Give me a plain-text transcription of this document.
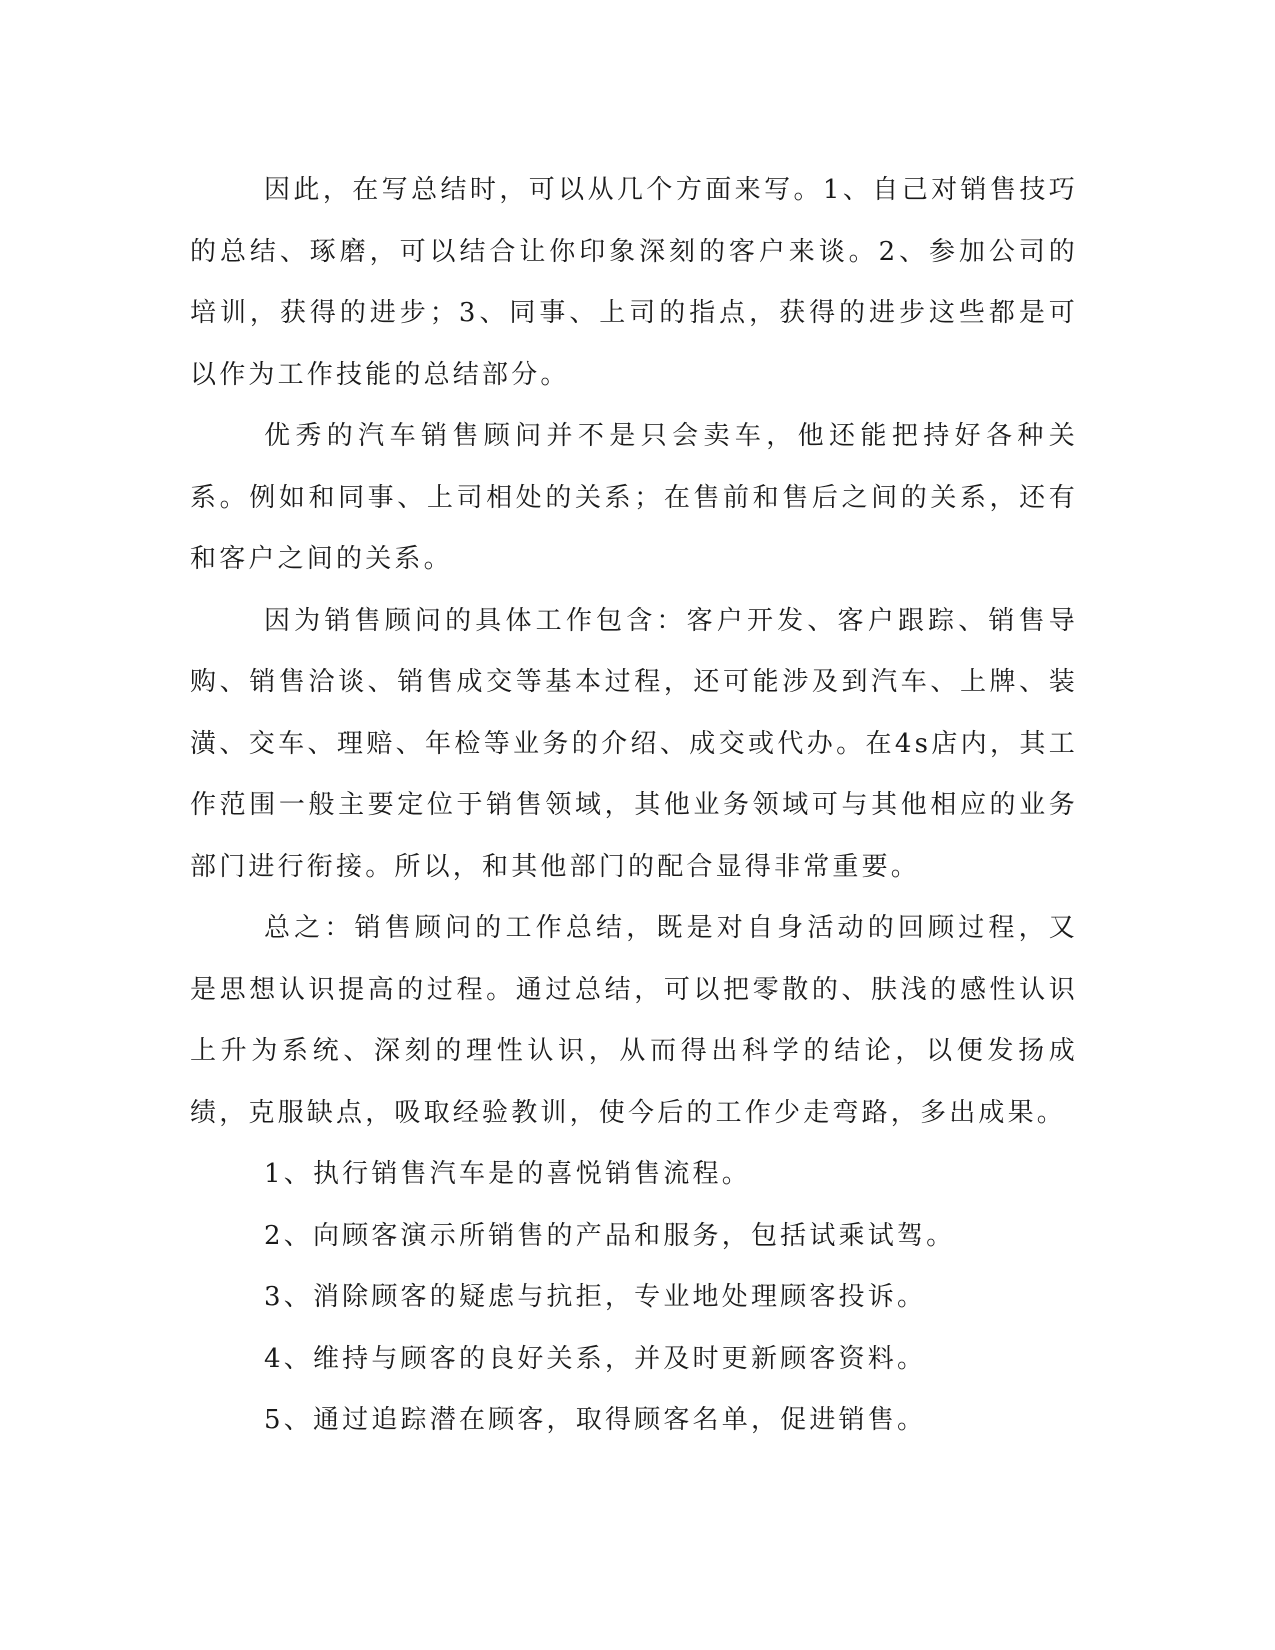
因此，在写总结时，可以从几个方面来写。1、自己对销售技巧的总结、琢磨，可以结合让你印象深刻的客户来谈。2、参加公司的培训，获得的进步；3、同事、上司的指点，获得的进步这些都是可以作为工作技能的总结部分。

优秀的汽车销售顾问并不是只会卖车，他还能把持好各种关系。例如和同事、上司相处的关系；在售前和售后之间的关系，还有和客户之间的关系。

因为销售顾问的具体工作包含：客户开发、客户跟踪、销售导购、销售洽谈、销售成交等基本过程，还可能涉及到汽车、上牌、装潢、交车、理赔、年检等业务的介绍、成交或代办。在4s店内，其工作范围一般主要定位于销售领域，其他业务领域可与其他相应的业务部门进行衔接。所以，和其他部门的配合显得非常重要。

总之：销售顾问的工作总结，既是对自身活动的回顾过程，又是思想认识提高的过程。通过总结，可以把零散的、肤浅的感性认识上升为系统、深刻的理性认识，从而得出科学的结论，以便发扬成绩，克服缺点，吸取经验教训，使今后的工作少走弯路，多出成果。

1、执行销售汽车是的喜悦销售流程。

2、向顾客演示所销售的产品和服务，包括试乘试驾。

3、消除顾客的疑虑与抗拒，专业地处理顾客投诉。

4、维持与顾客的良好关系，并及时更新顾客资料。

5、通过追踪潜在顾客，取得顾客名单，促进销售。
